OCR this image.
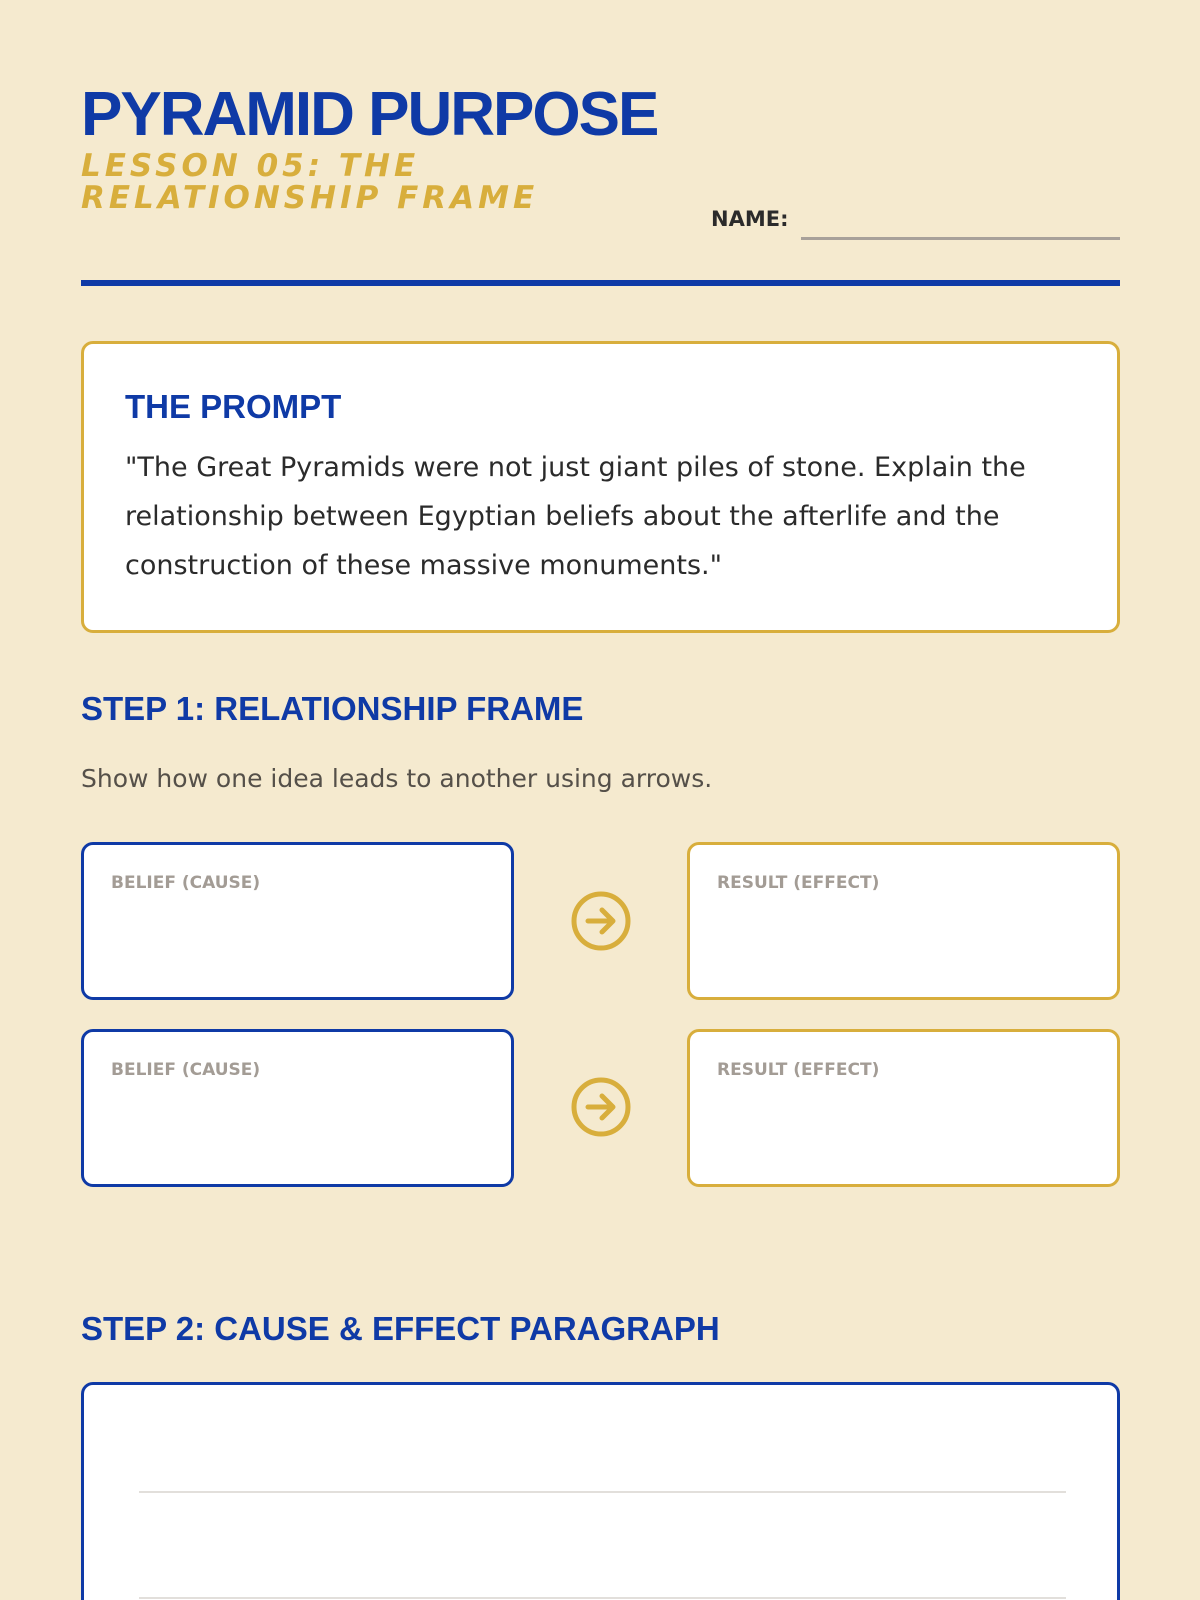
PYRAMID PURPOSE
LESSON 05: THE RELATIONSHIP FRAME
NAME:
THE PROMPT

"The Great Pyramids were not just giant piles of stone. Explain the relationship between Egyptian beliefs about the afterlife and the construction of these massive monuments."

STEP 1: RELATIONSHIP FRAME

Show how one idea leads to another using arrows.

BELIEF (CAUSE)	RESULT (EFFECT)
BELIEF (CAUSE)	RESULT (EFFECT)
STEP 2: CAUSE & EFFECT PARAGRAPH
